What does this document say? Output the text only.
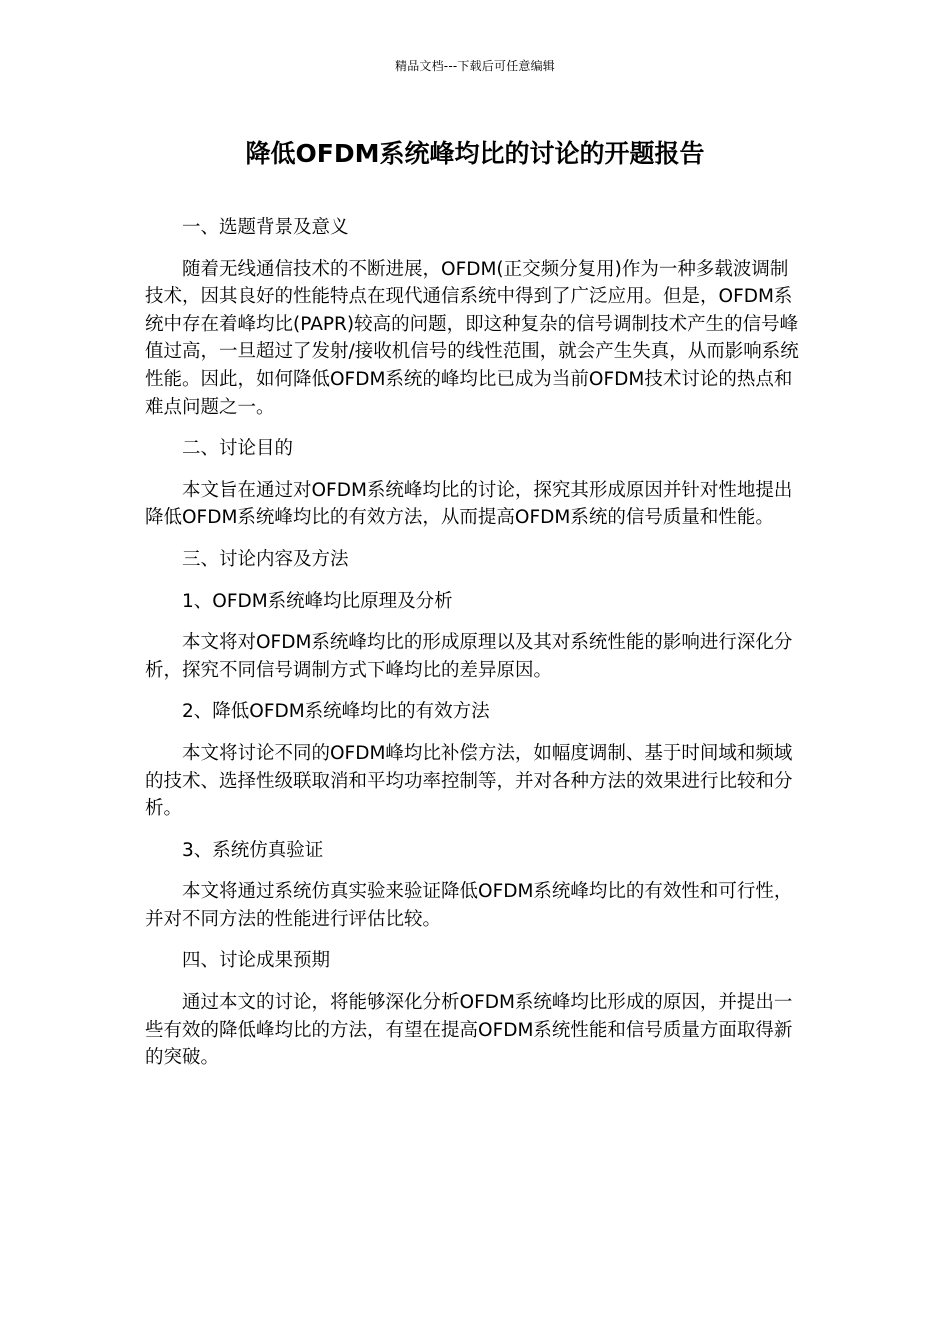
精品文档---下载后可任意编辑
降低OFDM系统峰均比的讨论的开题报告

一、选题背景及意义

随着无线通信技术的不断进展，OFDM(正交频分复用)作为一种多载波调制技术，因其良好的性能特点在现代通信系统中得到了广泛应用。但是，OFDM系统中存在着峰均比(PAPR)较高的问题，即这种复杂的信号调制技术产生的信号峰值过高，一旦超过了发射/接收机信号的线性范围，就会产生失真，从而影响系统性能。因此，如何降低OFDM系统的峰均比已成为当前OFDM技术讨论的热点和难点问题之一。

二、讨论目的

本文旨在通过对OFDM系统峰均比的讨论，探究其形成原因并针对性地提出降低OFDM系统峰均比的有效方法，从而提高OFDM系统的信号质量和性能。

三、讨论内容及方法

1、OFDM系统峰均比原理及分析

本文将对OFDM系统峰均比的形成原理以及其对系统性能的影响进行深化分析，探究不同信号调制方式下峰均比的差异原因。

2、降低OFDM系统峰均比的有效方法

本文将讨论不同的OFDM峰均比补偿方法，如幅度调制、基于时间域和频域的技术、选择性级联取消和平均功率控制等，并对各种方法的效果进行比较和分析。

3、系统仿真验证

本文将通过系统仿真实验来验证降低OFDM系统峰均比的有效性和可行性，并对不同方法的性能进行评估比较。

四、讨论成果预期

通过本文的讨论，将能够深化分析OFDM系统峰均比形成的原因，并提出一些有效的降低峰均比的方法，有望在提高OFDM系统性能和信号质量方面取得新的突破。
